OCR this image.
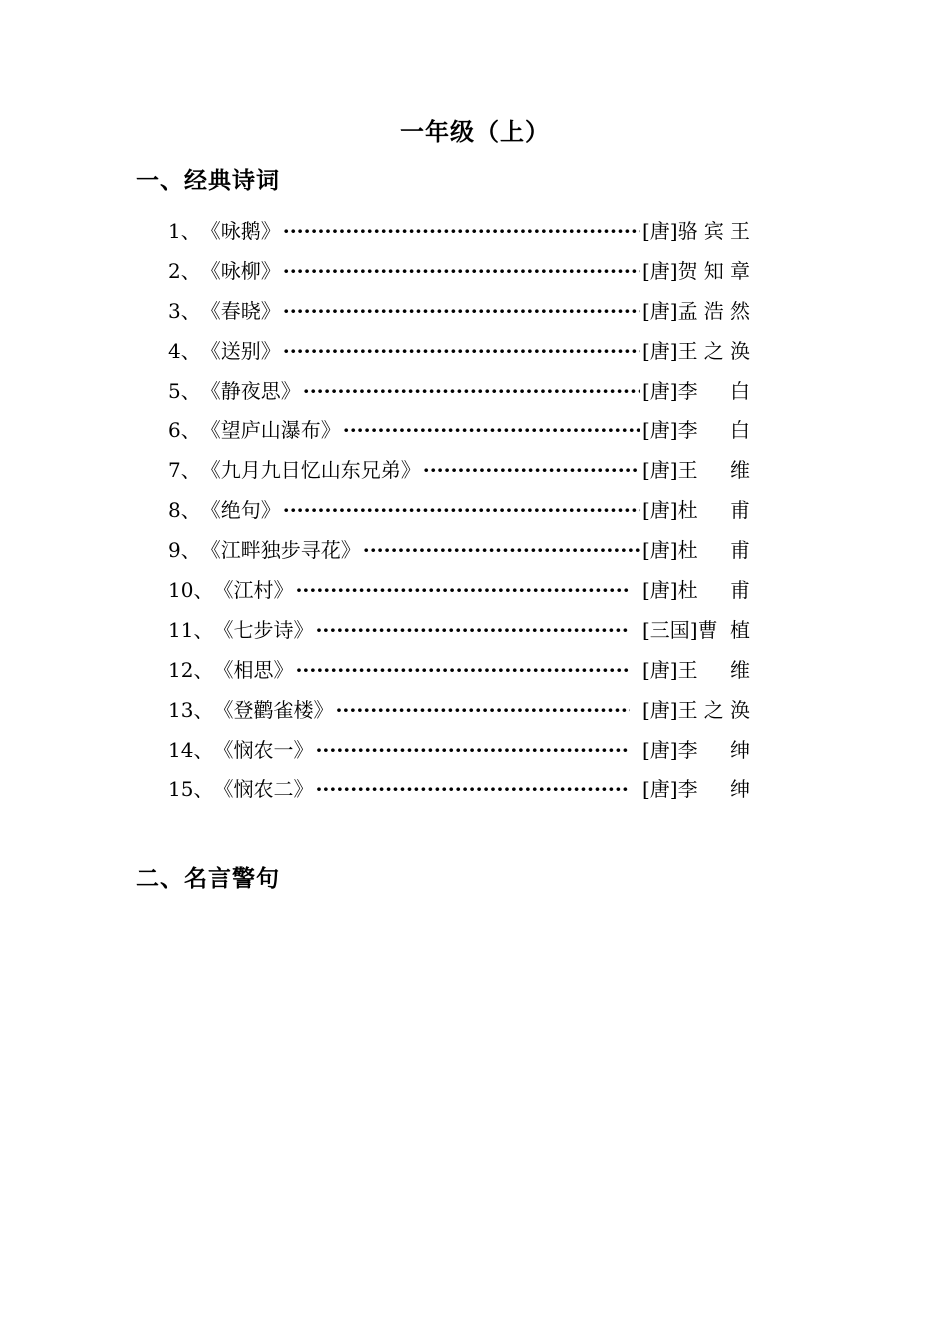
一年级（上）
一、经典诗词
1、 《咏鹅》 ·····	[唐] 骆 宾 王
2、 《咏柳》 ·····	[唐] 贺 知 章
3、 《春晓》 ·····	[唐] 孟 浩 然
4、 《送别》 ·····	[唐] 王 之 涣
5、 《静夜思》 ·····	[唐] 李 白
6、 《望庐山瀑布》 ·····	[唐] 李 白
7、 《九月九日忆山东兄弟》 ·····	[唐] 王 维
8、 《绝句》 ·····	[唐] 杜 甫
9、 《江畔独步寻花》 ·····	[唐] 杜 甫
10、 《江村》 ·····	[唐] 杜 甫
11、 《七步诗》 ·····	[三国] 曹 植
12、 《相思》 ·····	[唐] 王 维
13、 《登鹳雀楼》 ·····	[唐] 王 之 涣
14、 《悯农一》 ·····	[唐] 李 绅
15、 《悯农二》 ·····	[唐] 李 绅
二、名言警句
